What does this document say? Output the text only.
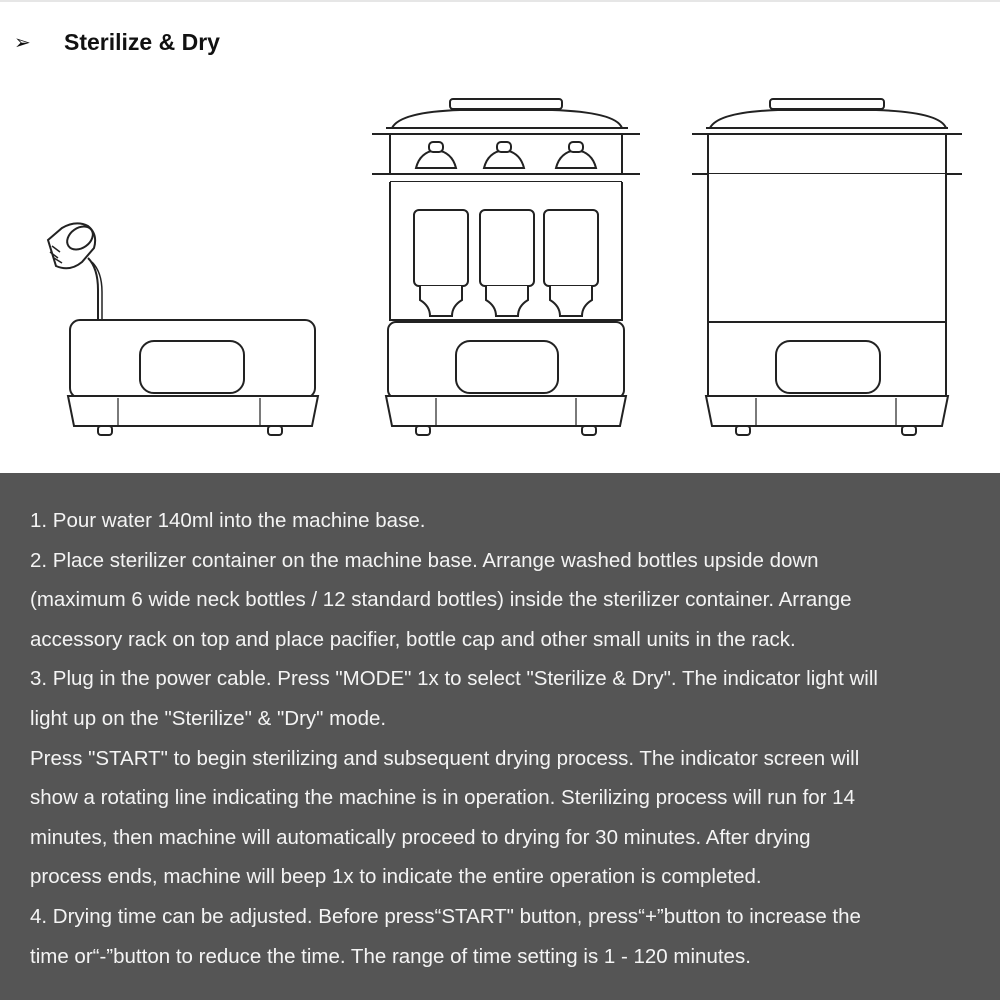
➢	Sterilize & Dry
1. Pour water 140ml into the machine base.
2. Place sterilizer container on the machine base. Arrange washed bottles upside down
(maximum 6 wide neck bottles / 12 standard bottles) inside the sterilizer container. Arrange
accessory rack on top and place pacifier, bottle cap and other small units in the rack.
3. Plug in the power cable. Press "MODE" 1x to select "Sterilize & Dry". The indicator light will
light up on the "Sterilize" & "Dry" mode.
Press "START" to begin sterilizing and subsequent drying process. The indicator screen will
show a rotating line indicating the machine is in operation. Sterilizing process will run for 14
minutes, then machine will automatically proceed to drying for 30 minutes. After drying
process ends, machine will beep 1x to indicate the entire operation is completed.
4. Drying time can be adjusted. Before press“START" button, press“+”button to increase the
time or“-”button to reduce the time. The range of time setting is 1 - 120 minutes.
